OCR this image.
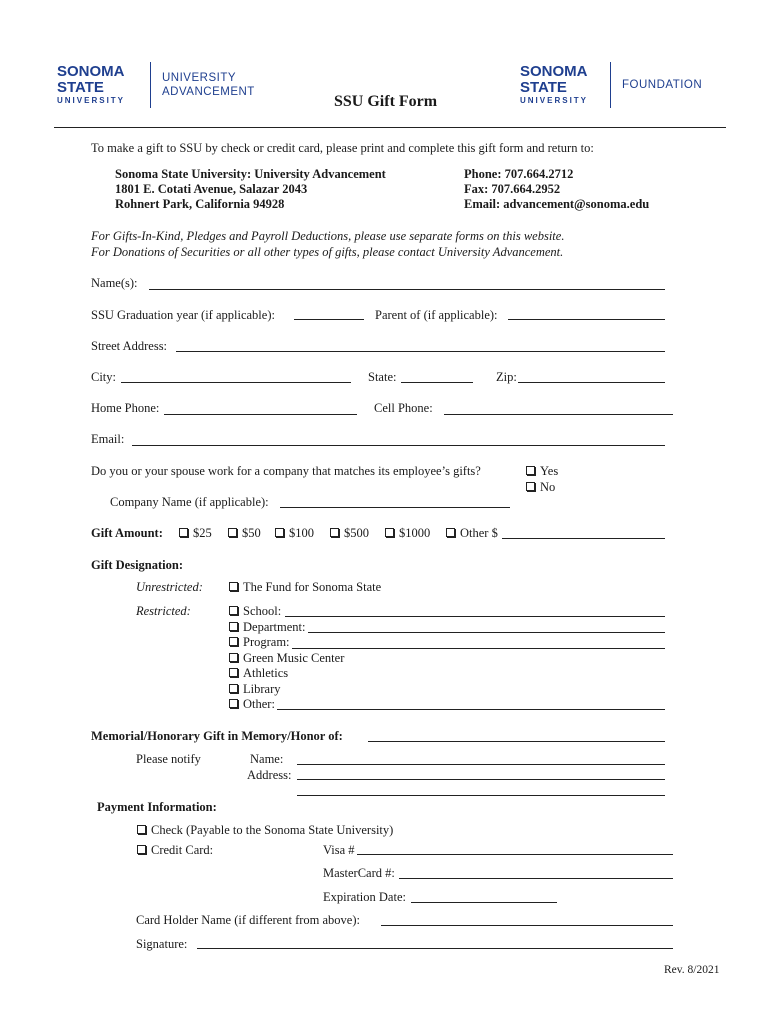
SONOMA
STATE
UNIVERSITY
UNIVERSITY
ADVANCEMENT
SSU Gift Form
SONOMA
STATE
UNIVERSITY
FOUNDATION
To make a gift to SSU by check or credit card, please print and complete this gift form and return to:
Sonoma State University: University Advancement
1801 E. Cotati Avenue, Salazar 2043
Rohnert Park, California 94928
Phone: 707.664.2712
Fax: 707.664.2952
Email: advancement@sonoma.edu
For Gifts-In-Kind, Pledges and Payroll Deductions, please use separate forms on this website.
For Donations of Securities or all other types of gifts, please contact University Advancement.
Name(s):
SSU Graduation year (if applicable):	Parent of (if applicable):
Street Address:
City:	State:	Zip:
Home Phone:	Cell Phone:
Email:
Do you or your spouse work for a company that matches its employee’s gifts?	Yes
No
Company Name (if applicable):
Gift Amount:	$25	$50	$100	$500	$1000	Other $
Gift Designation:
Unrestricted:	The Fund for Sonoma State
Restricted:	School:
Department:
Program:
Green Music Center
Athletics
Library
Other:
Memorial/Honorary Gift in Memory/Honor of:
Please notify	Name:
Address:
Payment Information:
Check (Payable to the Sonoma State University)
Credit Card:	Visa #
MasterCard #:
Expiration Date:
Card Holder Name (if different from above):
Signature:
Rev. 8/2021
